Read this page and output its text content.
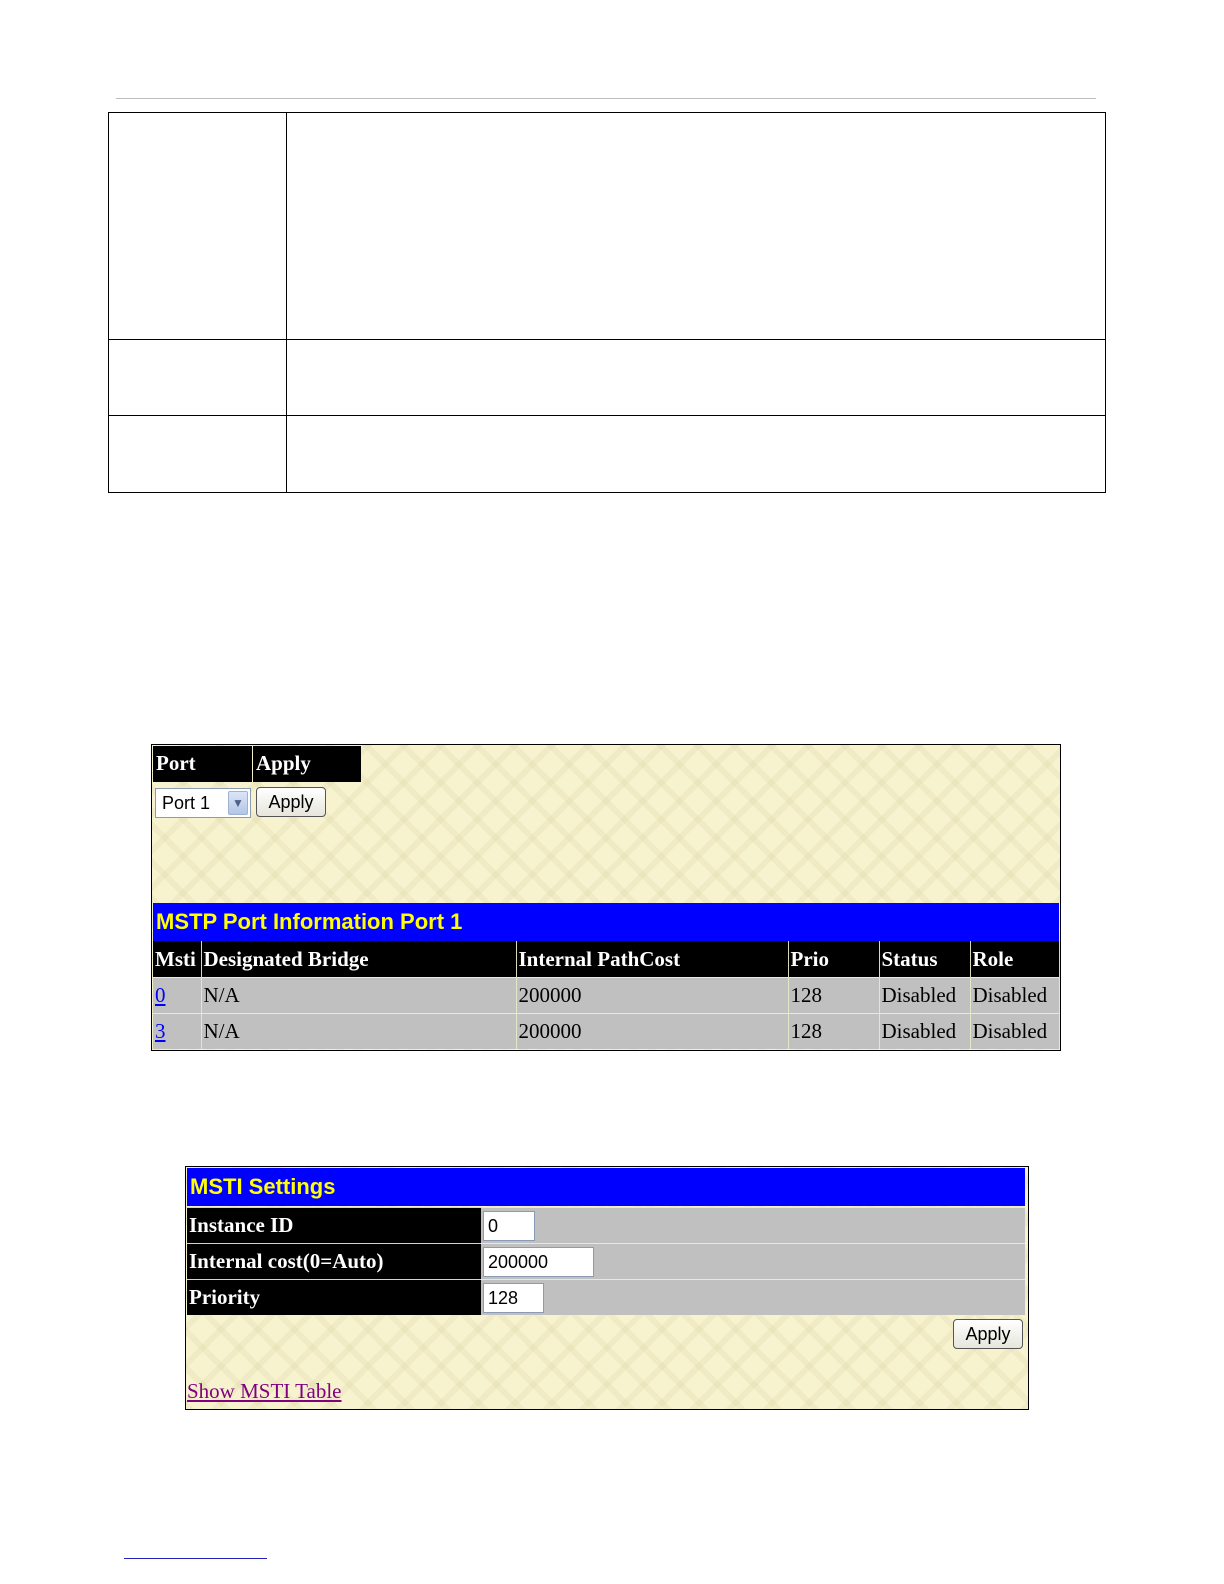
Port	Apply
Port 1	▼	Apply
MSTP Port Information Port 1
Msti	Designated Bridge	Internal PathCost	Prio	Status	Role
0	N/A	200000	128	Disabled	Disabled
3	N/A	200000	128	Disabled	Disabled
MSTI Settings
Instance ID	0
Internal cost(0=Auto)	200000
Priority	128
Apply
Show MSTI Table
